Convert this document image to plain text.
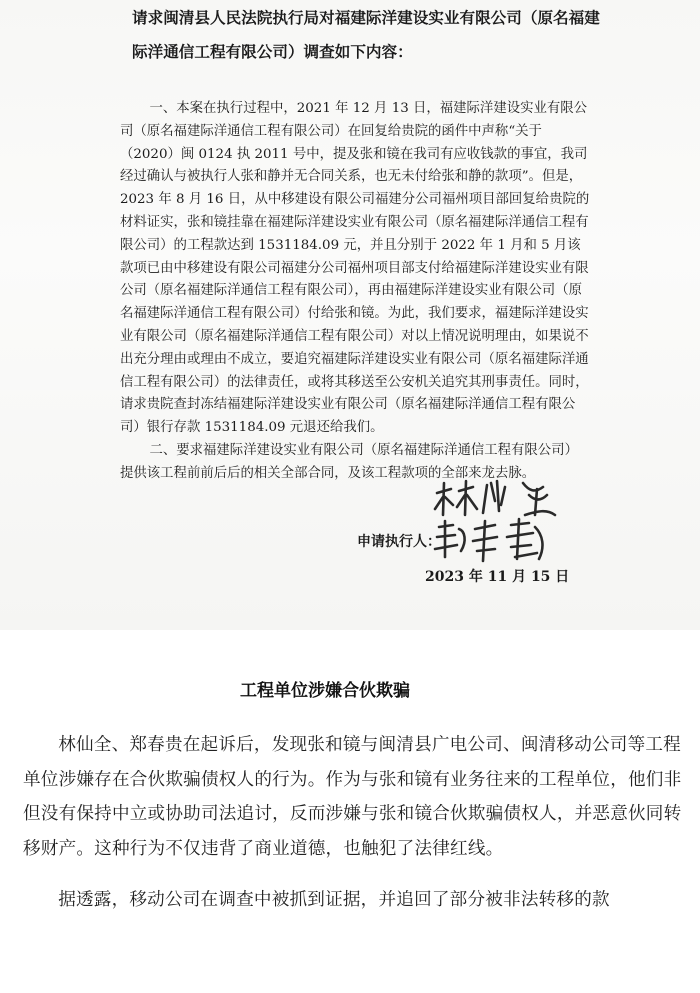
请求闽清县人民法院执行局对福建际洋建设实业有限公司（原名福建
际洋通信工程有限公司）调查如下内容：

一、本案在执行过程中，2021 年 12 月 13 日，福建际洋建设实业有限公司（原名福建际洋通信工程有限公司）在回复给贵院的函件中声称“关于（2020）闽 0124 执 2011 号中，提及张和镜在我司有应收钱款的事宜，我司经过确认与被执行人张和静并无合同关系，也无未付给张和静的款项”。但是，2023 年 8 月 16 日，从中移建设有限公司福建分公司福州项目部回复给贵院的材料证实，张和镜挂靠在福建际洋建设实业有限公司（原名福建际洋通信工程有限公司）的工程款达到 1531184.09 元，并且分别于 2022 年 1 月和 5 月该款项已由中移建设有限公司福建分公司福州项目部支付给福建际洋建设实业有限公司（原名福建际洋通信工程有限公司），再由福建际洋建设实业有限公司（原名福建际洋通信工程有限公司）付给张和镜。为此，我们要求，福建际洋建设实业有限公司（原名福建际洋通信工程有限公司）对以上情况说明理由，如果说不出充分理由或理由不成立，要追究福建际洋建设实业有限公司（原名福建际洋通信工程有限公司）的法律责任，或将其移送至公安机关追究其刑事责任。同时，请求贵院查封冻结福建际洋建设实业有限公司（原名福建际洋通信工程有限公司）银行存款 1531184.09 元退还给我们。

二、要求福建际洋建设实业有限公司（原名福建际洋通信工程有限公司）提供该工程前前后后的相关全部合同，及该工程款项的全部来龙去脉。

申请执行人：
2023 年 11 月 15 日
工程单位涉嫌合伙欺骗

林仙全、郑春贵在起诉后，发现张和镜与闽清县广电公司、闽清移动公司等工程单位涉嫌存在合伙欺骗债权人的行为。作为与张和镜有业务往来的工程单位，他们非但没有保持中立或协助司法追讨，反而涉嫌与张和镜合伙欺骗债权人，并恶意伙同转移财产。这种行为不仅违背了商业道德，也触犯了法律红线。

据透露，移动公司在调查中被抓到证据，并追回了部分被非法转移的款
